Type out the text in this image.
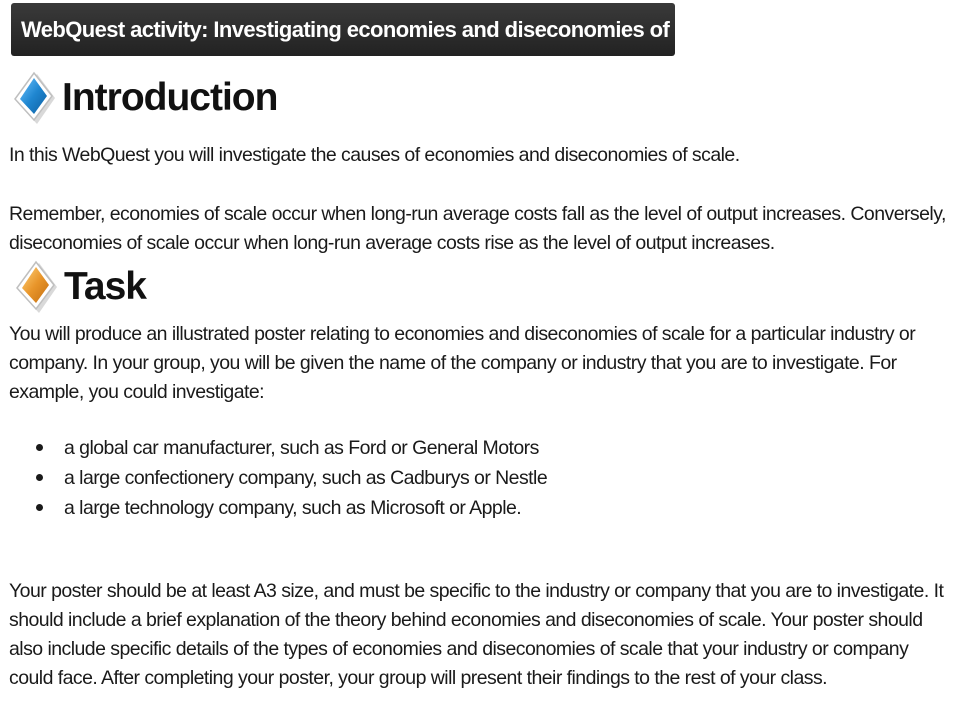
WebQuest activity: Investigating economies and diseconomies of scale
Introduction

In this WebQuest you will investigate the causes of economies and diseconomies of scale.

Remember, economies of scale occur when long-run average costs fall as the level of output increases. Conversely, diseconomies of scale occur when long-run average costs rise as the level of output increases.

Task

You will produce an illustrated poster relating to economies and diseconomies of scale for a particular industry or company. In your group, you will be given the name of the company or industry that you are to investigate. For example, you could investigate:

a global car manufacturer, such as Ford or General Motors
a large confectionery company, such as Cadburys or Nestle
a large technology company, such as Microsoft or Apple.

Your poster should be at least A3 size, and must be specific to the industry or company that you are to investigate. It should include a brief explanation of the theory behind economies and diseconomies of scale. Your poster should also include specific details of the types of economies and diseconomies of scale that your industry or company could face. After completing your poster, your group will present their findings to the rest of your class.
